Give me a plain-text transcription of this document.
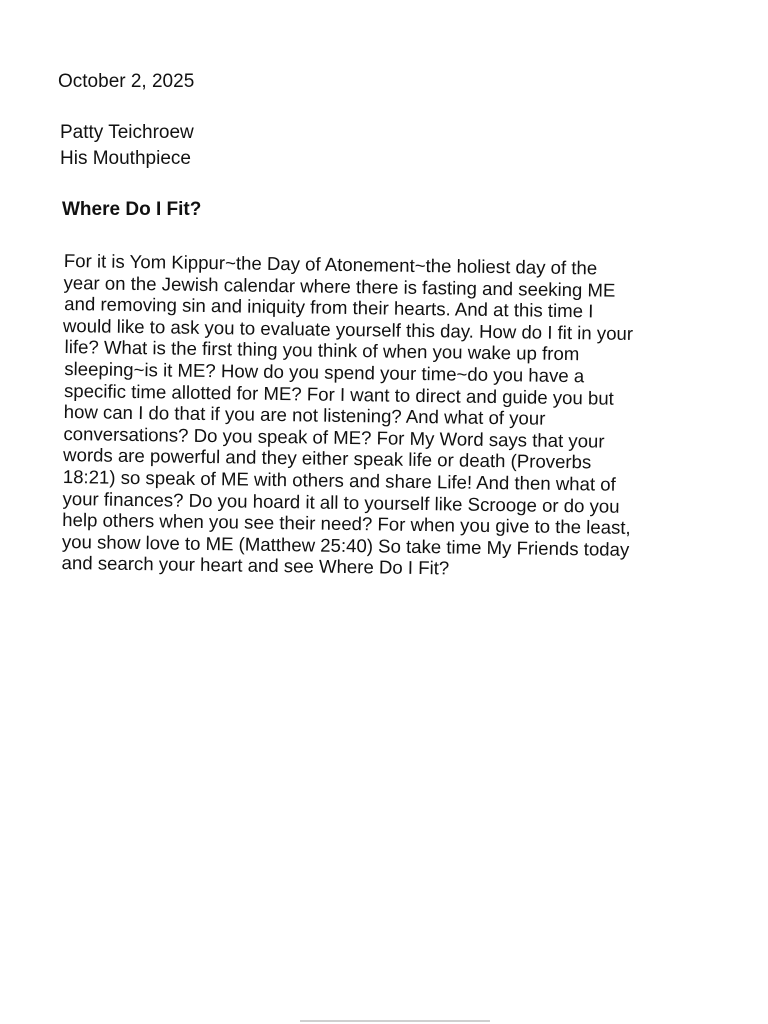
October 2, 2025
Patty Teichroew
His Mouthpiece
Where Do I Fit?
For it is Yom Kippur~the Day of Atonement~the holiest day of the
year on the Jewish calendar where there is fasting and seeking ME
and removing sin and iniquity from their hearts. And at this time I
would like to ask you to evaluate yourself this day. How do I fit in your
life? What is the first thing you think of when you wake up from
sleeping~is it ME? How do you spend your time~do you have a
specific time allotted for ME? For I want to direct and guide you but
how can I do that if you are not listening? And what of your
conversations? Do you speak of ME? For My Word says that your
words are powerful and they either speak life or death (Proverbs
18:21) so speak of ME with others and share Life! And then what of
your finances? Do you hoard it all to yourself like Scrooge or do you
help others when you see their need? For when you give to the least,
you show love to ME (Matthew 25:40) So take time My Friends today
and search your heart and see Where Do I Fit?
